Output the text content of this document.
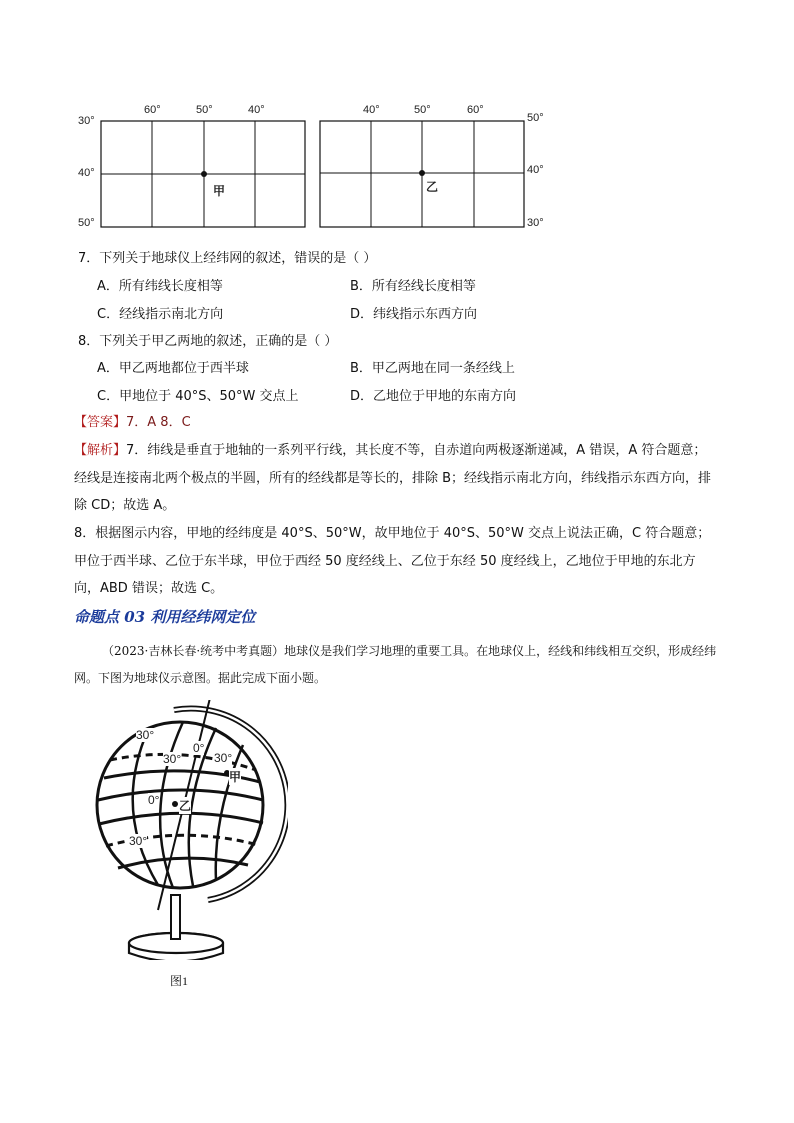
60°	50°	40°
30°
40°
50°
甲
40°	50°	60°
50°
40°
30°
乙
7．下列关于地球仪上经纬网的叙述，错误的是（ ）
A．所有纬线长度相等	B．所有经线长度相等
C．经线指示南北方向	D．纬线指示东西方向
8．下列关于甲乙两地的叙述，正确的是（ ）
A．甲乙两地都位于西半球	B．甲乙两地在同一条经线上
C．甲地位于 40°S、50°W 交点上	D．乙地位于甲地的东南方向
【答案】7．A 8．C
【解析】7．纬线是垂直于地轴的一系列平行线，其长度不等，自赤道向两极逐渐递减，A 错误，A 符合题意；经线是连接南北两个极点的半圆，所有的经线都是等长的，排除 B；经线指示南北方向，纬线指示东西方向，排除 CD；故选 A。
8．根据图示内容，甲地的经纬度是 40°S、50°W，故甲地位于 40°S、50°W 交点上说法正确，C 符合题意；甲位于西半球、乙位于东半球，甲位于西经 50 度经线上、乙位于东经 50 度经线上，乙地位于甲地的东北方向，ABD 错误；故选 C。
命题点 03 利用经纬网定位
（2023·吉林长春·统考中考真题）地球仪是我们学习地理的重要工具。在地球仪上，经线和纬线相互交织，形成经纬网。下图为地球仪示意图。据此完成下面小题。
30°
0°
30°	30°
甲
0° 乙
30°
图1
